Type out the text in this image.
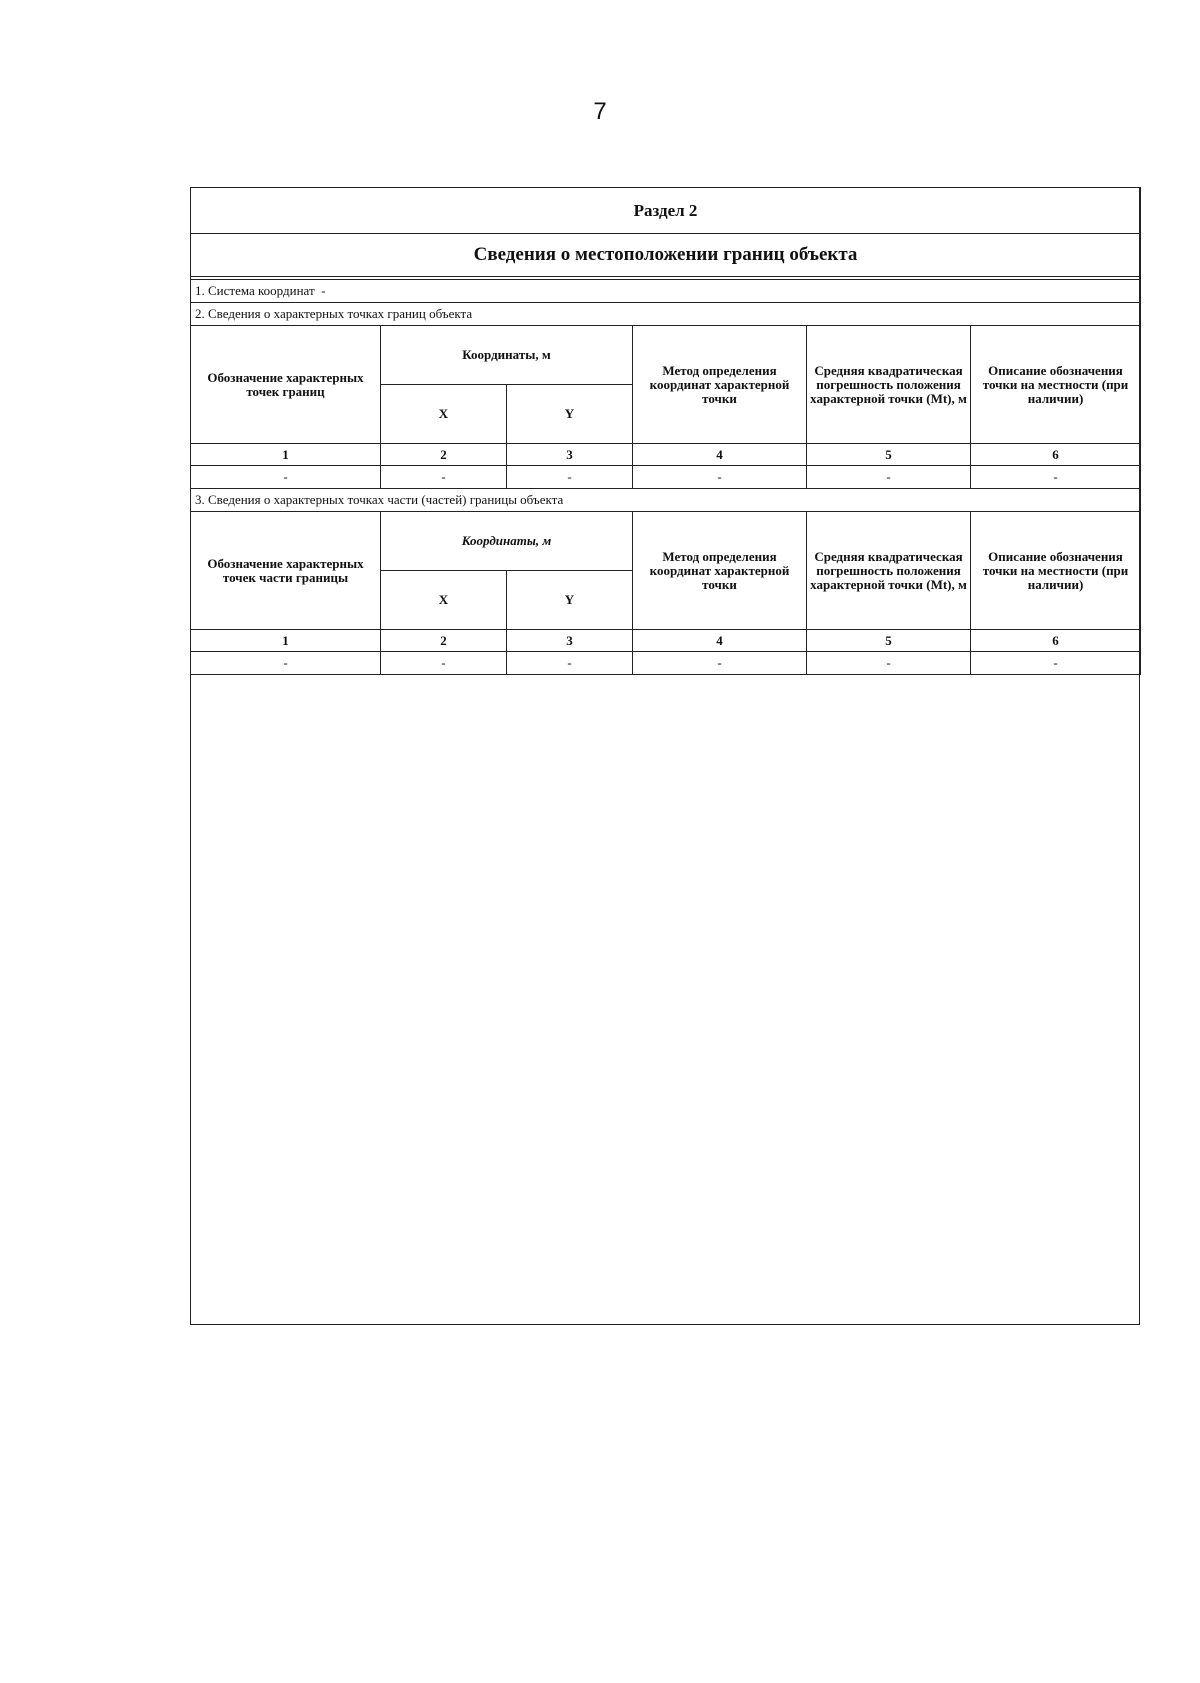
7
Раздел 2					
Сведения о местоположении границ объекта					

1. Система координат -					
2. Сведения о характерных точках границ объекта					
Обозначение характерных точек границ	Координаты, м		Метод определения координат характерной точки	Средняя квадратическая погрешность положения характерной точки (Mt), м	Описание обозначения точки на местности (при наличии)
	X	Y			
1	2	3	4	5	6
-	-	-	-	-	-
3. Сведения о характерных точках части (частей) границы объекта					
Обозначение характерных точек части границы	Координаты, м		Метод определения координат характерной точки	Средняя квадратическая погрешность положения характерной точки (Mt), м	Описание обозначения точки на местности (при наличии)
	X	Y			
1	2	3	4	5	6
-	-	-	-	-	-
